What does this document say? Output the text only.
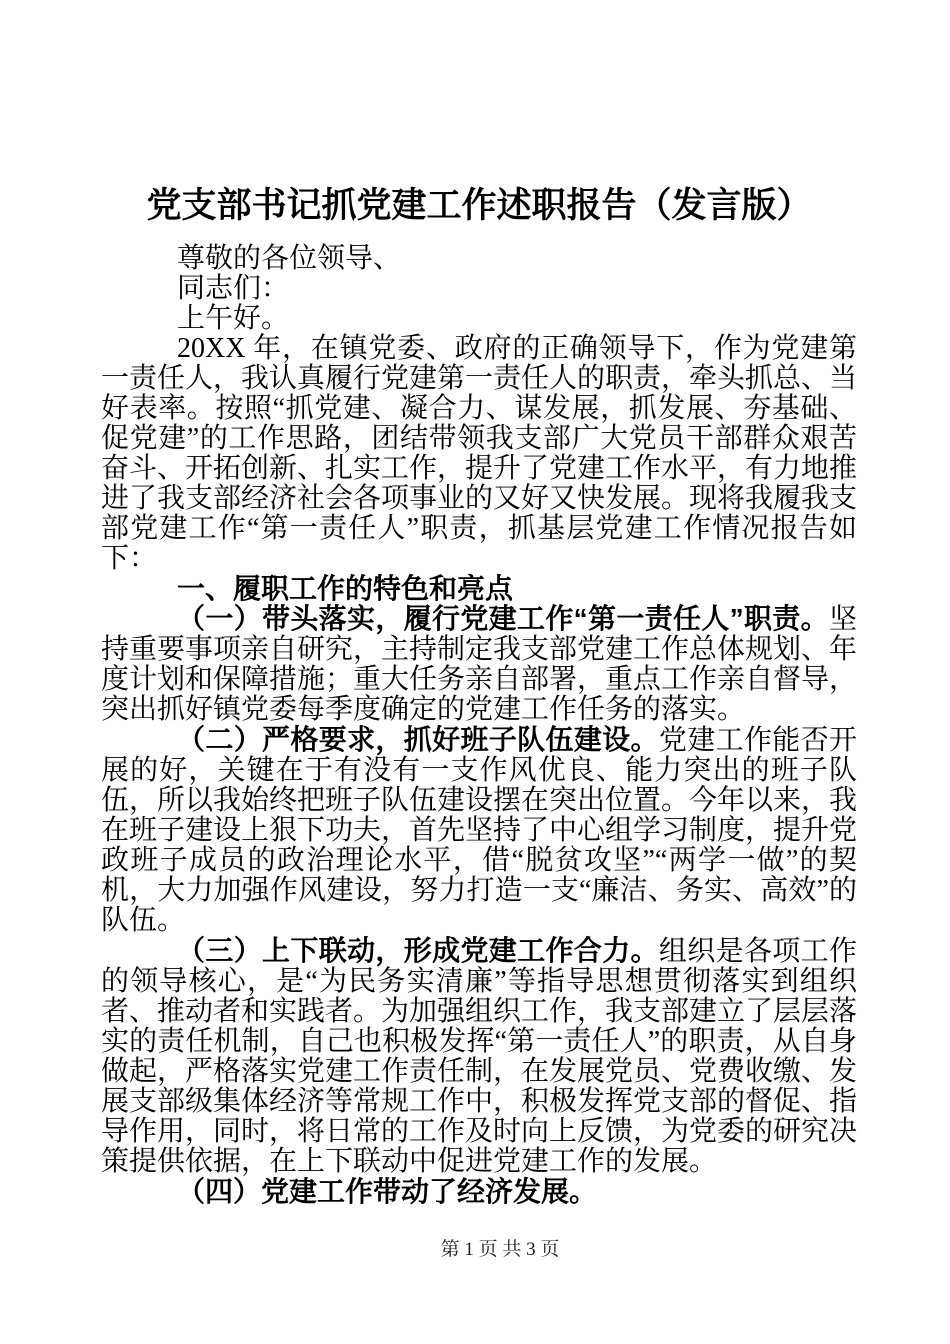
党支部书记抓党建工作述职报告（发言版）

尊敬的各位领导、

同志们：

上午好。

20XX 年，在镇党委、政府的正确领导下，作为党建第一责任人，我认真履行党建第一责任人的职责，牵头抓总、当好表率。按照“抓党建、凝合力、谋发展，抓发展、夯基础、促党建”的工作思路，团结带领我支部广大党员干部群众艰苦奋斗、开拓创新、扎实工作，提升了党建工作水平，有力地推进了我支部经济社会各项事业的又好又快发展。现将我履我支部党建工作“第一责任人”职责，抓基层党建工作情况报告如下：

一、履职工作的特色和亮点

（一）带头落实，履行党建工作“第一责任人”职责。坚持重要事项亲自研究，主持制定我支部党建工作总体规划、年度计划和保障措施；重大任务亲自部署，重点工作亲自督导，突出抓好镇党委每季度确定的党建工作任务的落实。

（二）严格要求，抓好班子队伍建设。党建工作能否开展的好，关键在于有没有一支作风优良、能力突出的班子队伍，所以我始终把班子队伍建设摆在突出位置。今年以来，我在班子建设上狠下功夫，首先坚持了中心组学习制度，提升党政班子成员的政治理论水平，借“脱贫攻坚”“两学一做”的契机，大力加强作风建设，努力打造一支“廉洁、务实、高效”的队伍。

（三）上下联动，形成党建工作合力。组织是各项工作的领导核心，是“为民务实清廉”等指导思想贯彻落实到组织者、推动者和实践者。为加强组织工作，我支部建立了层层落实的责任机制，自己也积极发挥“第一责任人”的职责，从自身做起，严格落实党建工作责任制，在发展党员、党费收缴、发展支部级集体经济等常规工作中，积极发挥党支部的督促、指导作用，同时，将日常的工作及时向上反馈，为党委的研究决策提供依据，在上下联动中促进党建工作的发展。

（四）党建工作带动了经济发展。

第 1 页 共 3 页
